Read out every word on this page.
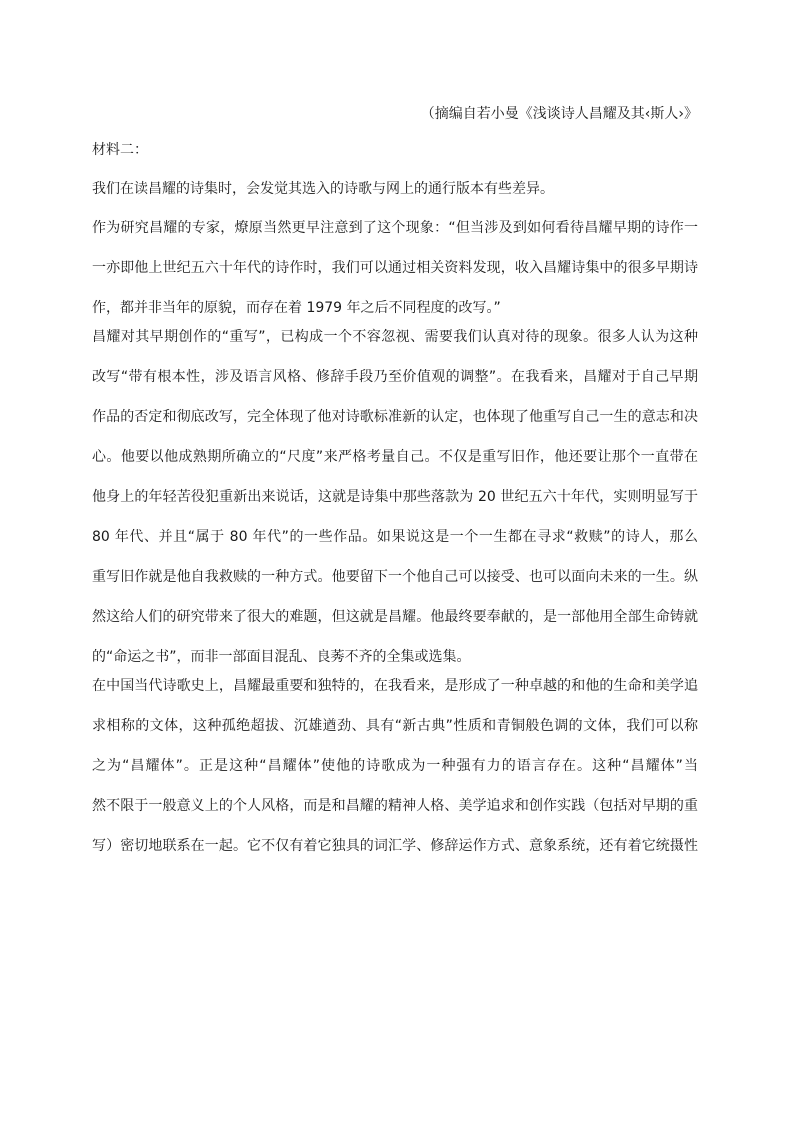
（摘编自若小曼《浅谈诗人昌耀及其‹斯人›》

材料二：

我们在读昌耀的诗集时，会发觉其选入的诗歌与网上的通行版本有些差异。

作为研究昌耀的专家，燎原当然更早注意到了这个现象：“但当涉及到如何看待昌耀早期的诗作一

一亦即他上世纪五六十年代的诗作时，我们可以通过相关资料发现，收入昌耀诗集中的很多早期诗

作，都并非当年的原貌，而存在着 1979 年之后不同程度的改写。”

昌耀对其早期创作的“重写”，已构成一个不容忽视、需要我们认真对待的现象。很多人认为这种

改写“带有根本性，涉及语言风格、修辞手段乃至价值观的调整”。在我看来，昌耀对于自己早期

作品的否定和彻底改写，完全体现了他对诗歌标准新的认定，也体现了他重写自己一生的意志和决

心。他要以他成熟期所确立的“尺度”来严格考量自己。不仅是重写旧作，他还要让那个一直带在

他身上的年轻苦役犯重新出来说话，这就是诗集中那些落款为 20 世纪五六十年代，实则明显写于

80 年代、并且“属于 80 年代”的一些作品。如果说这是一个一生都在寻求“救赎”的诗人，那么

重写旧作就是他自我救赎的一种方式。他要留下一个他自己可以接受、也可以面向未来的一生。纵

然这给人们的研究带来了很大的难题，但这就是昌耀。他最终要奉献的，是一部他用全部生命铸就

的“命运之书”，而非一部面目混乱、良莠不齐的全集或选集。

在中国当代诗歌史上，昌耀最重要和独特的，在我看来，是形成了一种卓越的和他的生命和美学追

求相称的文体，这种孤绝超拔、沉雄遒劲、具有“新古典”性质和青铜般色调的文体，我们可以称

之为“昌耀体”。正是这种“昌耀体”使他的诗歌成为一种强有力的语言存在。这种“昌耀体”当

然不限于一般意义上的个人风格，而是和昌耀的精神人格、美学追求和创作实践（包括对早期的重

写）密切地联系在一起。它不仅有着它独具的词汇学、修辞运作方式、意象系统，还有着它统摄性
